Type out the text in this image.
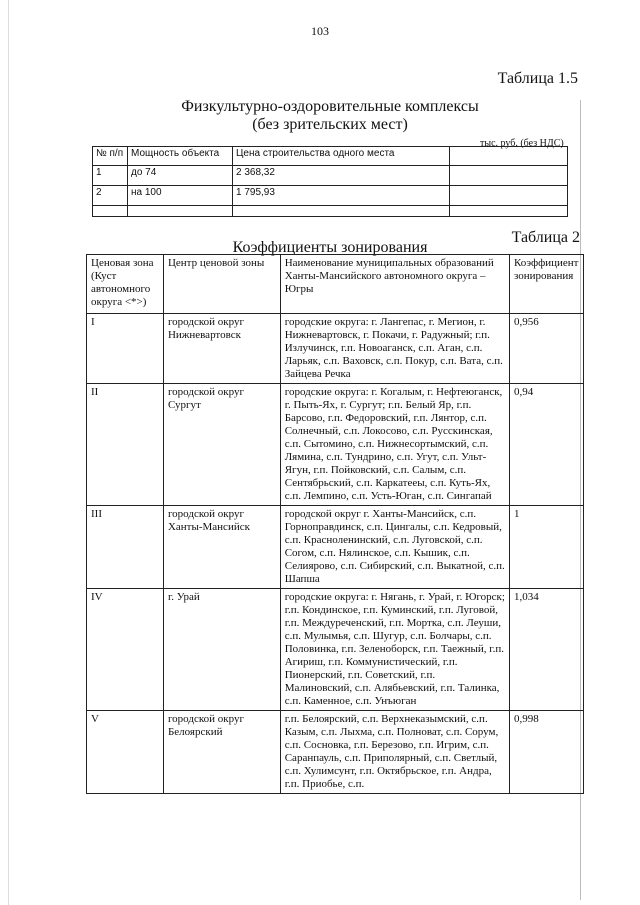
103
Таблица 1.5
Физкультурно-оздоровительные комплексы
(без зрительских мест)
тыс. руб. (без НДС)
№ п/п	Мощность объекта	Цена строительства одного места	
1	до 74	2 368,32	
2	на 100	1 795,93	

Таблица 2
Коэффициенты зонирования
Ценовая зона (Куст автономного округа <*>)	Центр ценовой зоны	Наименование муниципальных образований Ханты-Мансийского автономного округа – Югры	Коэффициент зонирования
I	городской округ Нижневартовск	городские округа: г. Лангепас, г. Мегион, г. Нижневартовск, г. Покачи, г. Радужный; г.п. Излучинск, г.п. Новоаганск, с.п. Аган, с.п. Ларьяк, с.п. Ваховск, с.п. Покур, с.п. Вата, с.п. Зайцева Речка	0,956
II	городской округ Сургут	городские округа: г. Когалым, г. Нефтеюганск, г. Пыть-Ях, г. Сургут; г.п. Белый Яр, г.п. Барсово, г.п. Федоровский, г.п. Лянтор, с.п. Солнечный, с.п. Локосово, с.п. Русскинская, с.п. Сытомино, с.п. Нижнесортымский, с.п. Лямина, с.п. Тундрино, с.п. Угут, с.п. Ульт-Ягун, г.п. Пойковский, с.п. Салым, с.п. Сентябрьский, с.п. Каркатееы, с.п. Куть-Ях, с.п. Лемпино, с.п. Усть-Юган, с.п. Сингапай	0,94
III	городской округ Ханты-Мансийск	городской округ г. Ханты-Мансийск, с.п. Горноправдинск, с.п. Цингалы, с.п. Кедровый, с.п. Красноленинский, с.п. Луговской, с.п. Согом, с.п. Нялинское, с.п. Кышик, с.п. Селиярово, с.п. Сибирский, с.п. Выкатной, с.п. Шапша	1
IV	г. Урай	городские округа: г. Нягань, г. Урай, г. Югорск; г.п. Кондинское, г.п. Куминский, г.п. Луговой, г.п. Междуреченский, г.п. Мортка, с.п. Леуши, с.п. Мулымья, с.п. Шугур, с.п. Болчары, с.п. Половинка, г.п. Зеленоборск, г.п. Таежный, г.п. Агириш, г.п. Коммунистический, г.п. Пионерский, г.п. Советский, г.п. Малиновский, с.п. Алябьевский, г.п. Талинка, с.п. Каменное, с.п. Унъюган	1,034
V	городской округ Белоярский	г.п. Белоярский, с.п. Верхнеказымский, с.п. Казым, с.п. Лыхма, с.п. Полноват, с.п. Сорум, с.п. Сосновка, г.п. Березово, г.п. Игрим, с.п. Саранпауль, с.п. Приполярный, с.п. Светлый, с.п. Хулимсунт, г.п. Октябрьское, г.п. Андра, г.п. Приобье, с.п.	0,998
